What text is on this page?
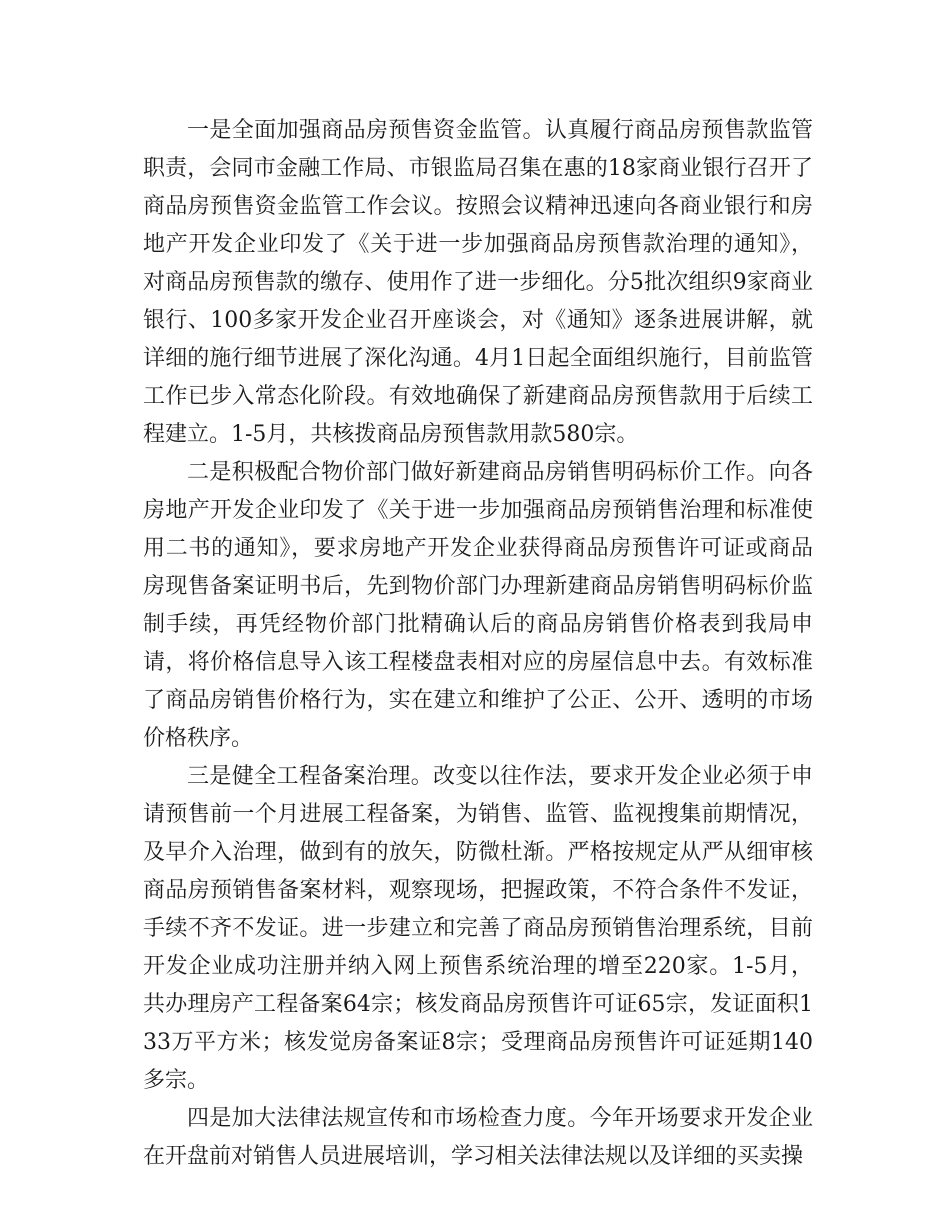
一是全面加强商品房预售资金监管。认真履行商品房预售款监管职责，会同市金融工作局、市银监局召集在惠的18家商业银行召开了商品房预售资金监管工作会议。按照会议精神迅速向各商业银行和房地产开发企业印发了《关于进一步加强商品房预售款治理的通知》，对商品房预售款的缴存、使用作了进一步细化。分5批次组织9家商业银行、100多家开发企业召开座谈会，对《通知》逐条进展讲解，就详细的施行细节进展了深化沟通。4月1日起全面组织施行，目前监管工作已步入常态化阶段。有效地确保了新建商品房预售款用于后续工程建立。1-5月，共核拨商品房预售款用款580宗。

二是积极配合物价部门做好新建商品房销售明码标价工作。向各房地产开发企业印发了《关于进一步加强商品房预销售治理和标准使用二书的通知》，要求房地产开发企业获得商品房预售许可证或商品房现售备案证明书后，先到物价部门办理新建商品房销售明码标价监制手续，再凭经物价部门批精确认后的商品房销售价格表到我局申请，将价格信息导入该工程楼盘表相对应的房屋信息中去。有效标准了商品房销售价格行为，实在建立和维护了公正、公开、透明的市场价格秩序。

三是健全工程备案治理。改变以往作法，要求开发企业必须于申请预售前一个月进展工程备案，为销售、监管、监视搜集前期情况，及早介入治理，做到有的放矢，防微杜渐。严格按规定从严从细审核商品房预销售备案材料，观察现场，把握政策，不符合条件不发证，手续不齐不发证。进一步建立和完善了商品房预销售治理系统，目前开发企业成功注册并纳入网上预售系统治理的增至220家。1-5月，共办理房产工程备案64宗；核发商品房预售许可证65宗，发证面积133万平方米；核发觉房备案证8宗；受理商品房预售许可证延期140多宗。

四是加大法律法规宣传和市场检查力度。今年开场要求开发企业在开盘前对销售人员进展培训，学习相关法律法规以及详细的买卖操
